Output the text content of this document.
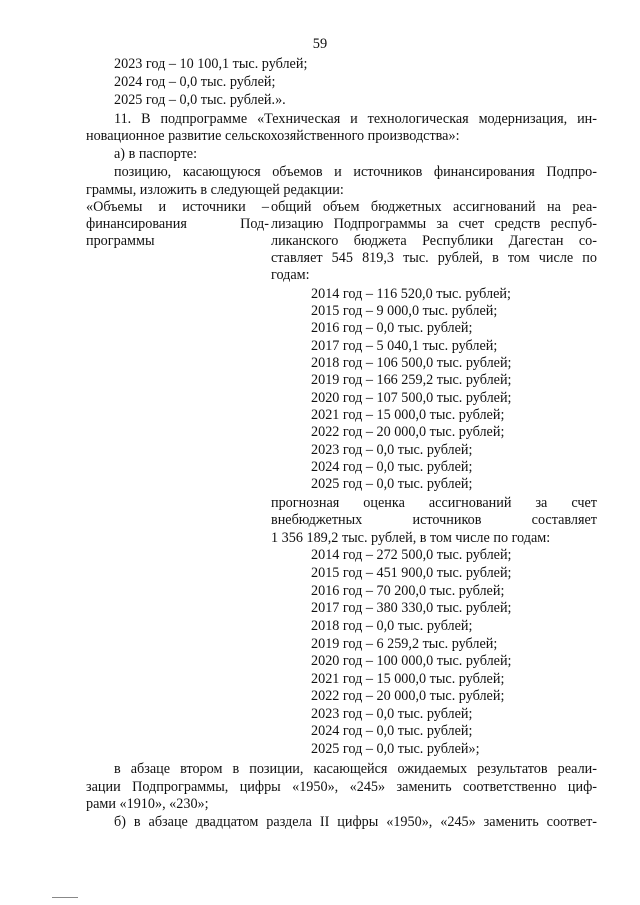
59
2023 год – 10 100,1 тыс. рублей;
2024 год – 0,0 тыс. рублей;
2025 год – 0,0 тыс. рублей.».
11. В подпрограмме «Техническая и технологическая модернизация, ин-
новационное развитие сельскохозяйственного производства»:
а) в паспорте:
позицию, касающуюся объемов и источников финансирования Подпро-
граммы, изложить в следующей редакции:
«Объемы и источники –
финансирования Под-
программы
общий объем бюджетных ассигнований на реа-
лизацию Подпрограммы за счет средств респуб-
ликанского бюджета Республики Дагестан со-
ставляет 545 819,3 тыс. рублей, в том числе по
годам:
2014 год – 116 520,0 тыс. рублей;
2015 год – 9 000,0 тыс. рублей;
2016 год – 0,0 тыс. рублей;
2017 год – 5 040,1 тыс. рублей;
2018 год – 106 500,0 тыс. рублей;
2019 год – 166 259,2 тыс. рублей;
2020 год – 107 500,0 тыс. рублей;
2021 год – 15 000,0 тыс. рублей;
2022 год – 20 000,0 тыс. рублей;
2023 год – 0,0 тыс. рублей;
2024 год – 0,0 тыс. рублей;
2025 год – 0,0 тыс. рублей;
прогнозная оценка ассигнований за счет
внебюджетных источников составляет
1 356 189,2 тыс. рублей, в том числе по годам:
2014 год – 272 500,0 тыс. рублей;
2015 год – 451 900,0 тыс. рублей;
2016 год – 70 200,0 тыс. рублей;
2017 год – 380 330,0 тыс. рублей;
2018 год – 0,0 тыс. рублей;
2019 год – 6 259,2 тыс. рублей;
2020 год – 100 000,0 тыс. рублей;
2021 год – 15 000,0 тыс. рублей;
2022 год – 20 000,0 тыс. рублей;
2023 год – 0,0 тыс. рублей;
2024 год – 0,0 тыс. рублей;
2025 год – 0,0 тыс. рублей»;
в абзаце втором в позиции, касающейся ожидаемых результатов реали-
зации Подпрограммы, цифры «1950», «245» заменить соответственно циф-
рами «1910», «230»;
б) в абзаце двадцатом раздела II цифры «1950», «245» заменить соответ-
